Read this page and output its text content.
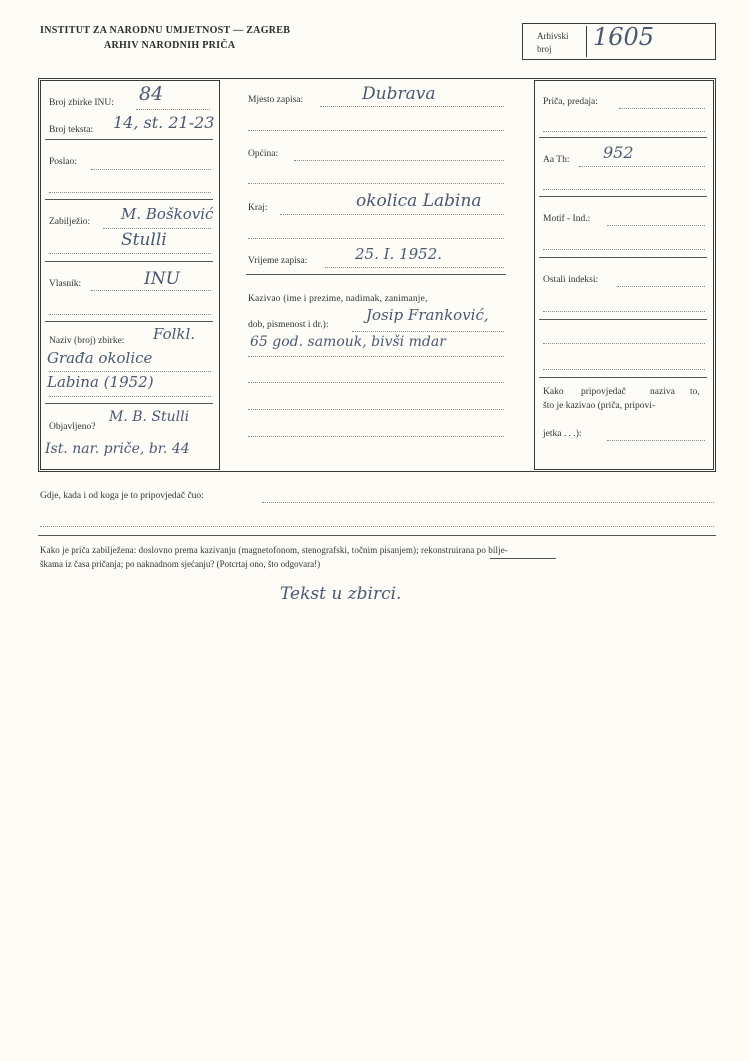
INSTITUT ZA NARODNU UMJETNOST — ZAGREB
ARHIV NARODNIH PRIČA
Arhivski
broj 1605
Broj zbirke INU: 84
Broj teksta: 14, st. 21-23
Poslao:
Zabilježio: M. Bošković
Stulli
Vlasnik:	INU
Naziv (broj) zbirke: Folkl.
Građa okolice
Labina (1952)
Objavljeno?
M. B. Stulli
Ist. nar. priče, br. 44
Mjesto zapisa:	Dubrava
Općina:
Kraj:	okolica Labina
Vrijeme zapisa:	25. I. 1952.
Kazivao (ime i prezime, nadimak, zanimanje,
dob, pismenost i dr.):
Josip Franković,
65 god. samouk, bivši mdar
Priča, predaja:
Aa Th: 952
Motif - Ind.:
Ostali indeksi:
Kako pripovjedač	naziva to,
što je kazivao (priča, pripovi-
jetka . . .):
Gdje, kada i od koga je to pripovjedač čuo:
Kako je priča zabilježena: doslovno prema kazivanju (magnetofonom, stenografski, točnim pisanjem); rekonstruirana po bilje-
škama iz časa pričanja; po naknadnom sjećanju? (Potcrtaj ono, što odgovara!)
Tekst u zbirci.
